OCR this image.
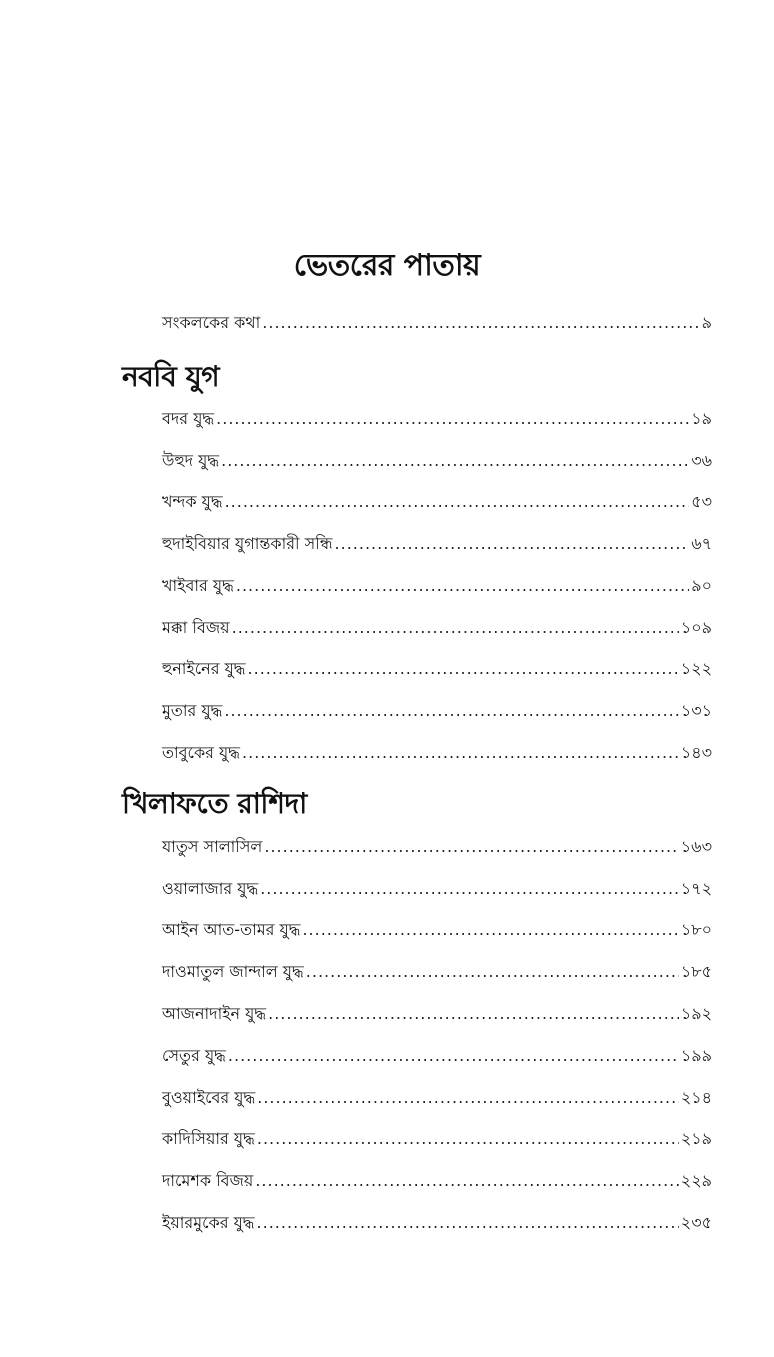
ভেতরের পাতায়
সংকলকের কথা .....	৯
নববি যুগ
বদর যুদ্ধ .....	১৯
উহুদ যুদ্ধ .....	৩৬
খন্দক যুদ্ধ .....	৫৩
হুদাইবিয়ার যুগান্তকারী সন্ধি .....	৬৭
খাইবার যুদ্ধ .....	৯০
মক্কা বিজয় .....	১০৯
হুনাইনের যুদ্ধ .....	১২২
মুতার যুদ্ধ .....	১৩১
তাবুকের যুদ্ধ .....	১৪৩
খিলাফতে রাশিদা
যাতুস সালাসিল .....	১৬৩
ওয়ালাজার যুদ্ধ .....	১৭২
আইন আত-তামর যুদ্ধ .....	১৮০
দাওমাতুল জান্দাল যুদ্ধ .....	১৮৫
আজনাদাইন যুদ্ধ .....	১৯২
সেতুর যুদ্ধ .....	১৯৯
বুওয়াইবের যুদ্ধ .....	২১৪
কাদিসিয়ার যুদ্ধ .....	২১৯
দামেশক বিজয় .....	২২৯
ইয়ারমুকের যুদ্ধ .....	২৩৫
